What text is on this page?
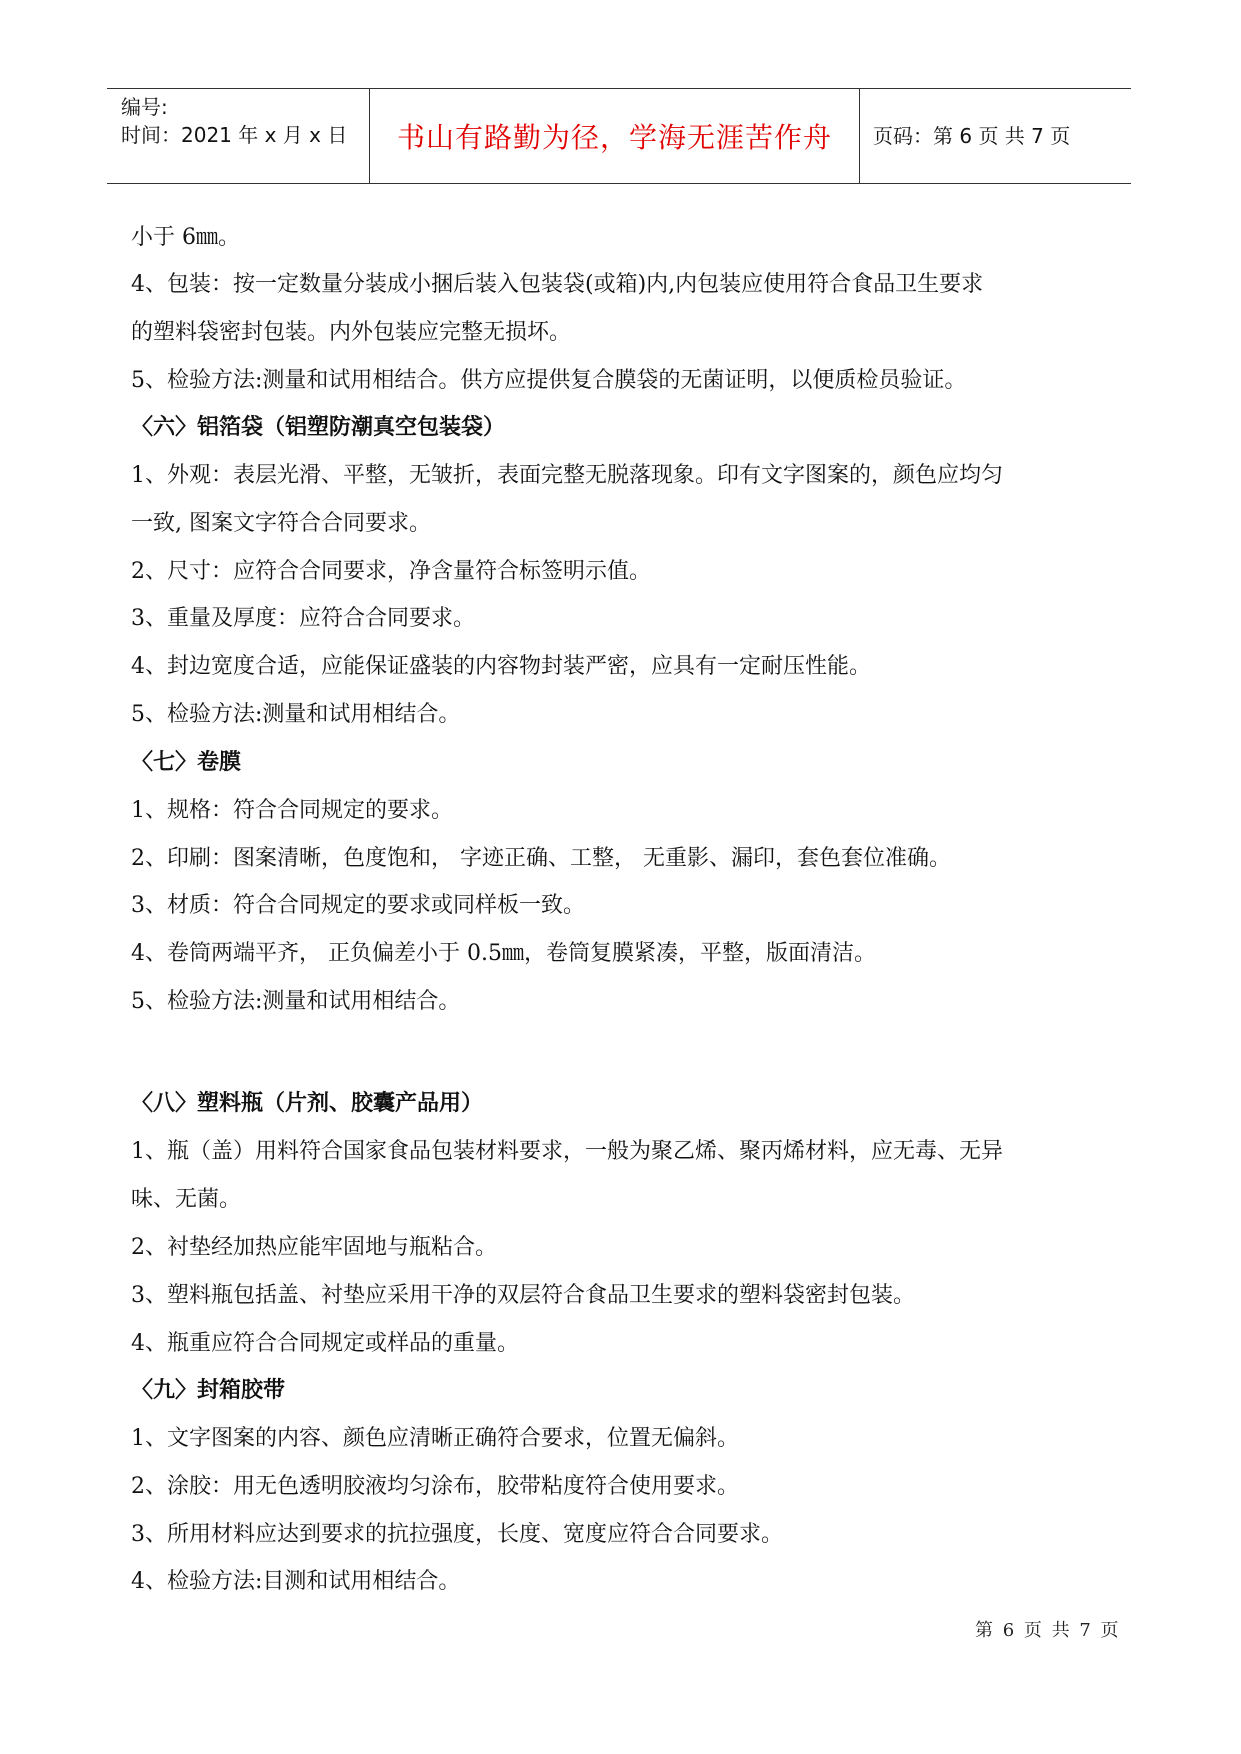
编号:
时间：2021 年 x 月 x 日	书山有路勤为径，学海无涯苦作舟 页码：第 6 页 共 7 页
小于 6㎜。
4、包装：按一定数量分装成小捆后装入包装袋(或箱)内,内包装应使用符合食品卫生要求
的塑料袋密封包装。内外包装应完整无损坏。
5、检验方法:测量和试用相结合。供方应提供复合膜袋的无菌证明，以便质检员验证。
〈六〉铝箔袋（铝塑防潮真空包装袋）
1、外观：表层光滑、平整，无皱折，表面完整无脱落现象。印有文字图案的，颜色应均匀
一致, 图案文字符合合同要求。
2、尺寸：应符合合同要求，净含量符合标签明示值。
3、重量及厚度：应符合合同要求。
4、封边宽度合适，应能保证盛装的内容物封装严密，应具有一定耐压性能。
5、检验方法:测量和试用相结合。
〈七〉卷膜
1、规格：符合合同规定的要求。
2、印刷：图案清晰，色度饱和， 字迹正确、工整， 无重影、漏印，套色套位准确。
3、材质：符合合同规定的要求或同样板一致。
4、卷筒两端平齐， 正负偏差小于 0.5㎜，卷筒复膜紧凑，平整，版面清洁。
5、检验方法:测量和试用相结合。
〈八〉塑料瓶（片剂、胶囊产品用）
1、瓶（盖）用料符合国家食品包装材料要求，一般为聚乙烯、聚丙烯材料，应无毒、无异
味、无菌。
2、衬垫经加热应能牢固地与瓶粘合。
3、塑料瓶包括盖、衬垫应采用干净的双层符合食品卫生要求的塑料袋密封包装。
4、瓶重应符合合同规定或样品的重量。
〈九〉封箱胶带
1、文字图案的内容、颜色应清晰正确符合要求，位置无偏斜。
2、涂胶：用无色透明胶液均匀涂布，胶带粘度符合使用要求。
3、所用材料应达到要求的抗拉强度，长度、宽度应符合合同要求。
4、检验方法:目测和试用相结合。
第 6 页 共 7 页
